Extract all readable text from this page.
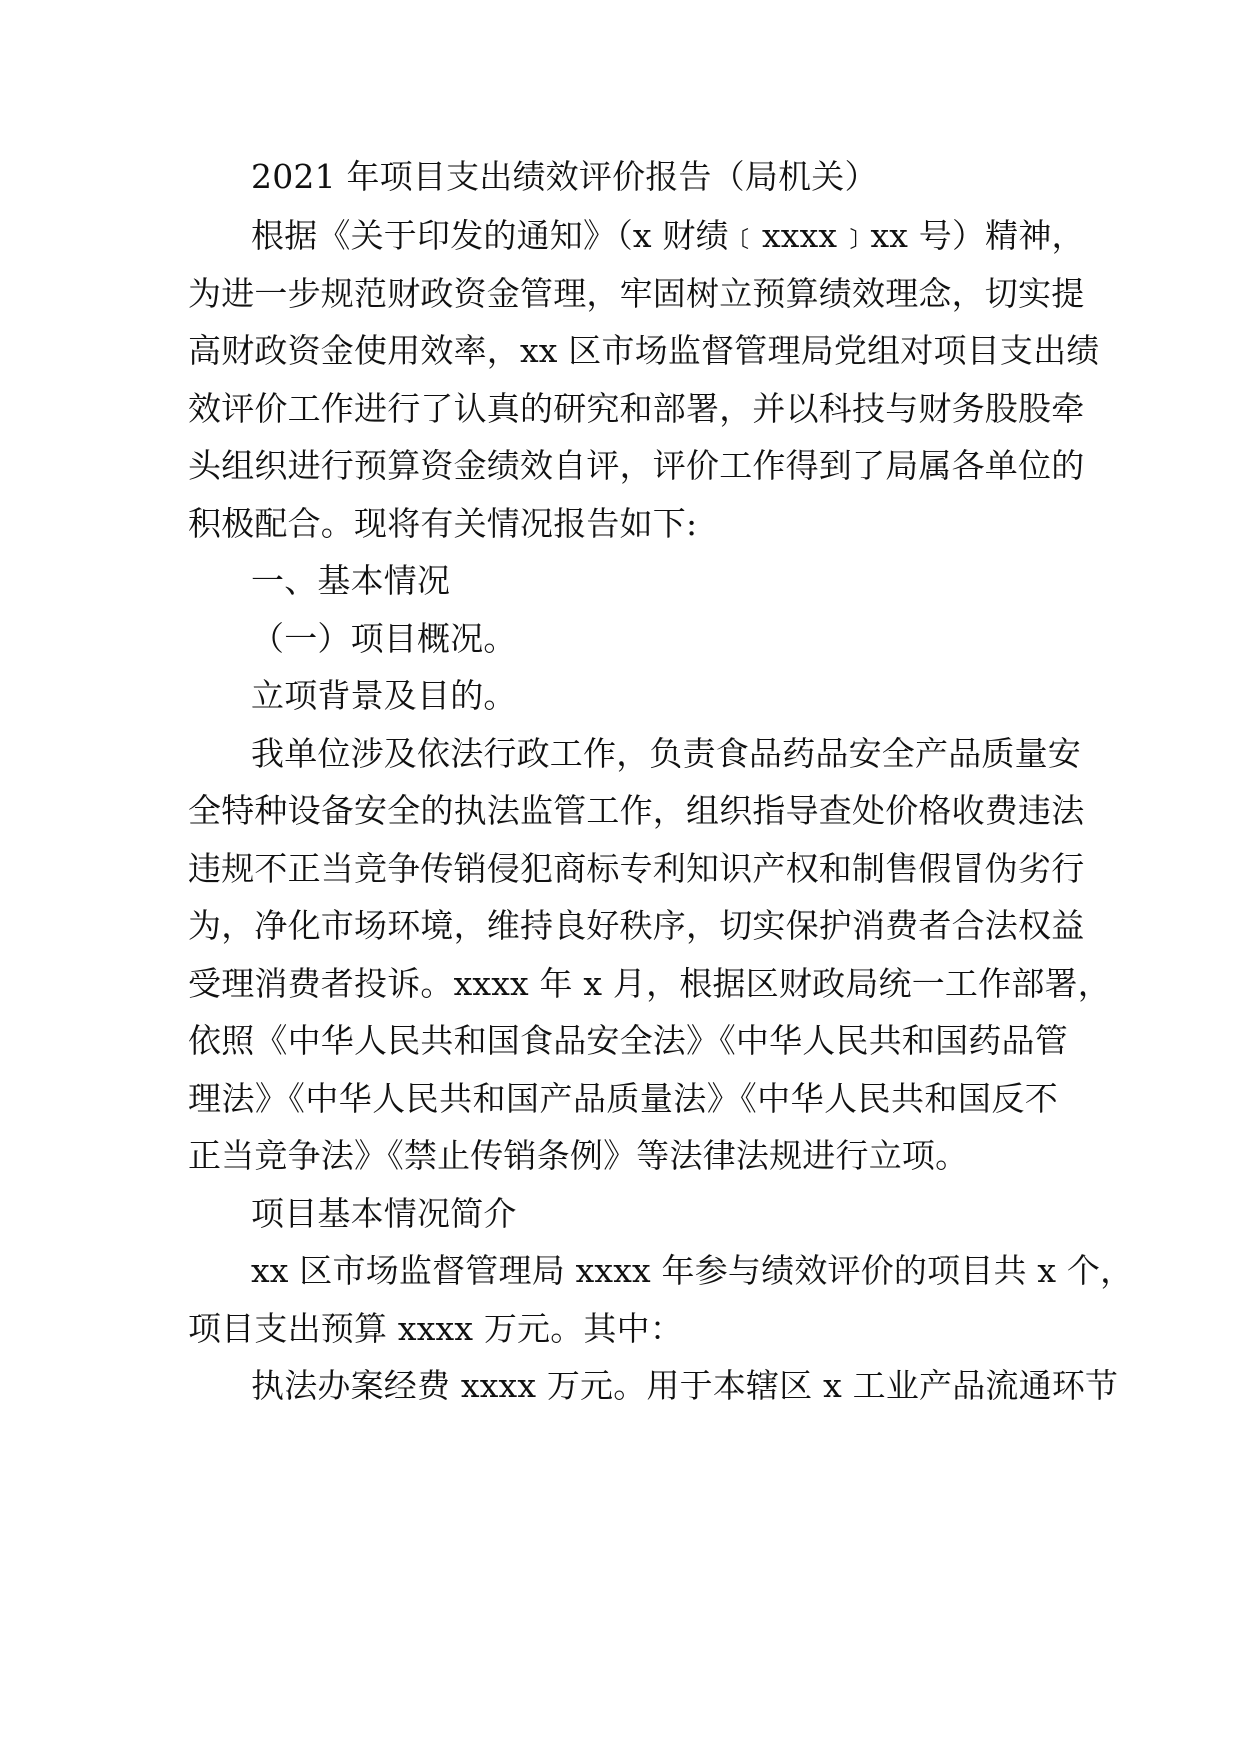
2021 年项目支出绩效评价报告（局机关）
根据《关于印发的通知》（x 财绩﹝xxxx﹞xx 号）精神，
为进一步规范财政资金管理，牢固树立预算绩效理念，切实提
高财政资金使用效率，xx 区市场监督管理局党组对项目支出绩
效评价工作进行了认真的研究和部署，并以科技与财务股股牵
头组织进行预算资金绩效自评，评价工作得到了局属各单位的
积极配合。现将有关情况报告如下:
一、基本情况
（一）项目概况。
立项背景及目的。
我单位涉及依法行政工作，负责食品药品安全产品质量安
全特种设备安全的执法监管工作，组织指导查处价格收费违法
违规不正当竞争传销侵犯商标专利知识产权和制售假冒伪劣行
为，净化市场环境，维持良好秩序，切实保护消费者合法权益
受理消费者投诉。xxxx 年 x 月，根据区财政局统一工作部署，
依照《中华人民共和国食品安全法》《中华人民共和国药品管
理法》《中华人民共和国产品质量法》《中华人民共和国反不
正当竞争法》《禁止传销条例》等法律法规进行立项。
项目基本情况简介
xx 区市场监督管理局 xxxx 年参与绩效评价的项目共 x 个，
项目支出预算 xxxx 万元。其中：
执法办案经费 xxxx 万元。用于本辖区 x 工业产品流通环节
